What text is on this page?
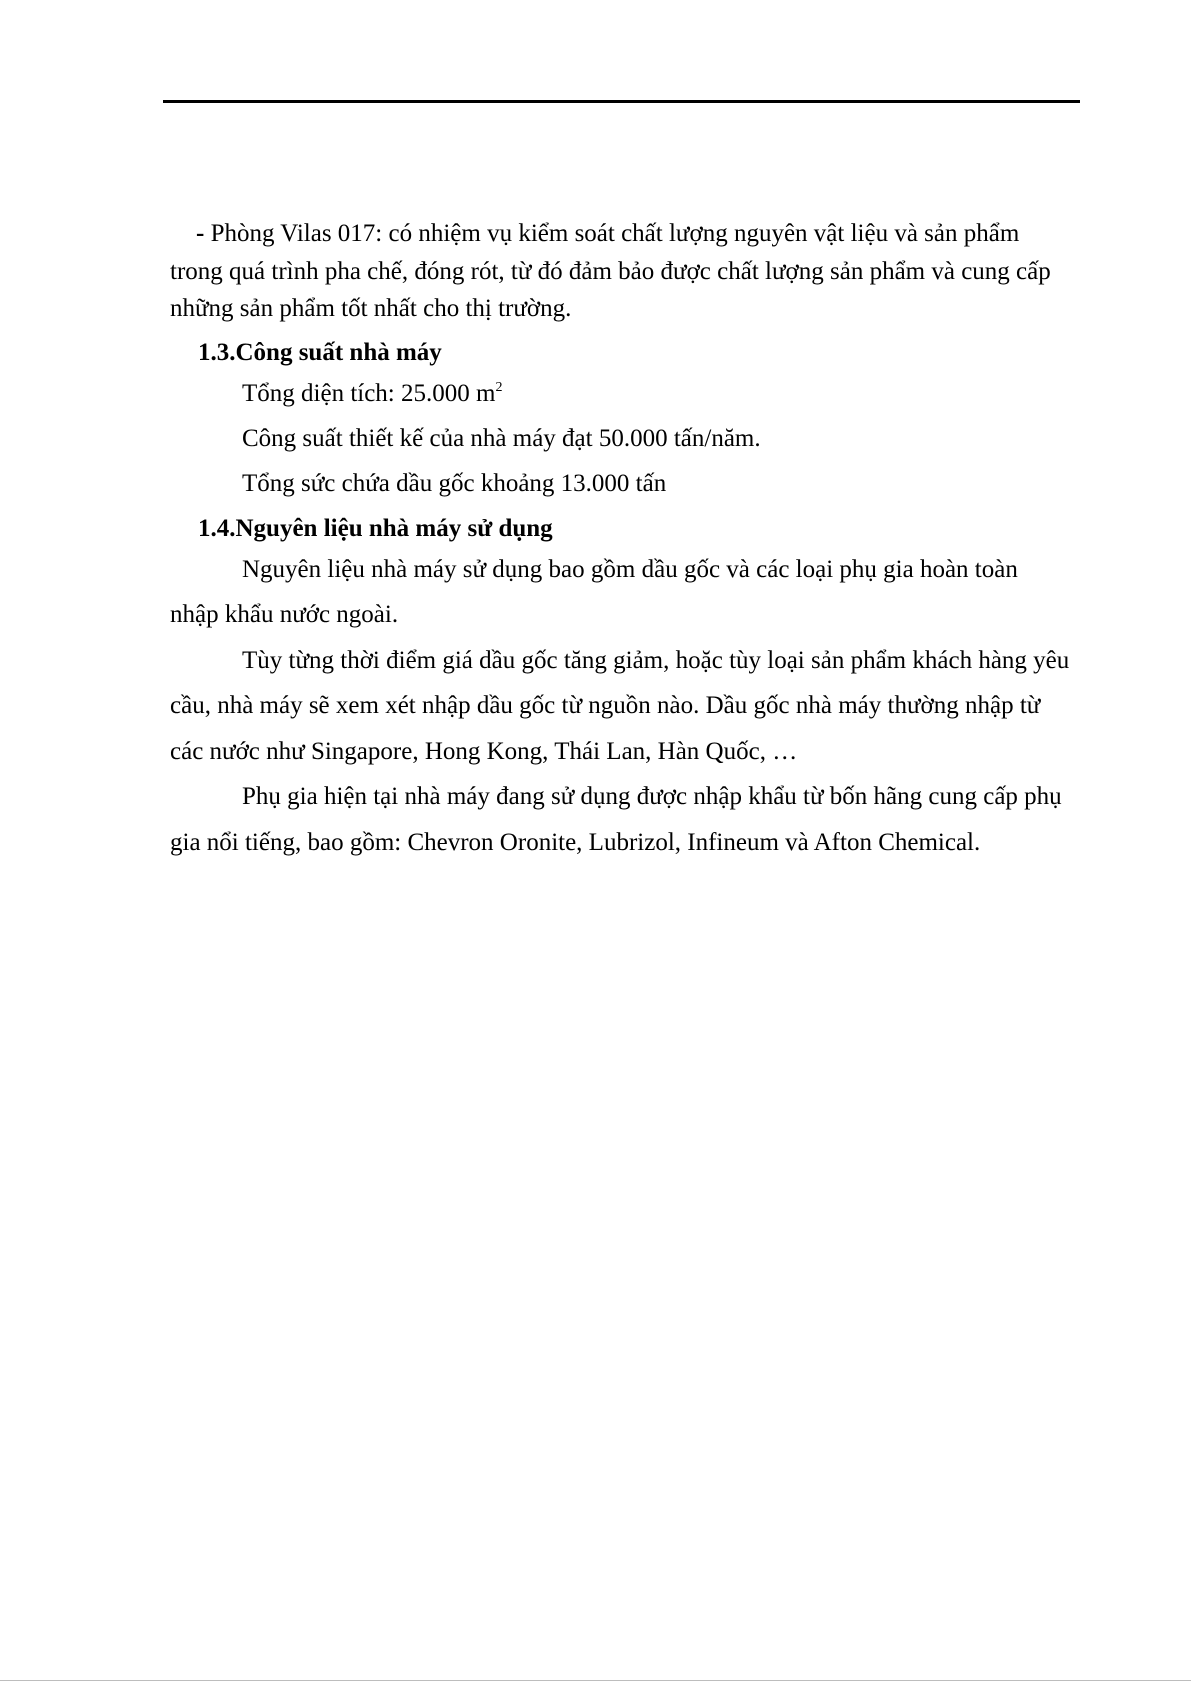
- Phòng Vilas 017: có nhiệm vụ kiểm soát chất lượng nguyên vật liệu và sản phẩm trong quá trình pha chế, đóng rót, từ đó đảm bảo được chất lượng sản phẩm và cung cấp những sản phẩm tốt nhất cho thị trường.

1.3.Công suất nhà máy
Tổng diện tích: 25.000 $m^2$
Công suất thiết kế của nhà máy đạt 50.000 tấn/năm.
Tổng sức chứa dầu gốc khoảng 13.000 tấn
1.4.Nguyên liệu nhà máy sử dụng

Nguyên liệu nhà máy sử dụng bao gồm dầu gốc và các loại phụ gia hoàn toàn nhập khẩu nước ngoài.

Tùy từng thời điểm giá dầu gốc tăng giảm, hoặc tùy loại sản phẩm khách hàng yêu cầu, nhà máy sẽ xem xét nhập dầu gốc từ nguồn nào. Dầu gốc nhà máy thường nhập từ các nước như Singapore, Hong Kong, Thái Lan, Hàn Quốc, …

Phụ gia hiện tại nhà máy đang sử dụng được nhập khẩu từ bốn hãng cung cấp phụ gia nổi tiếng, bao gồm: Chevron Oronite, Lubrizol, Infineum và Afton Chemical.
